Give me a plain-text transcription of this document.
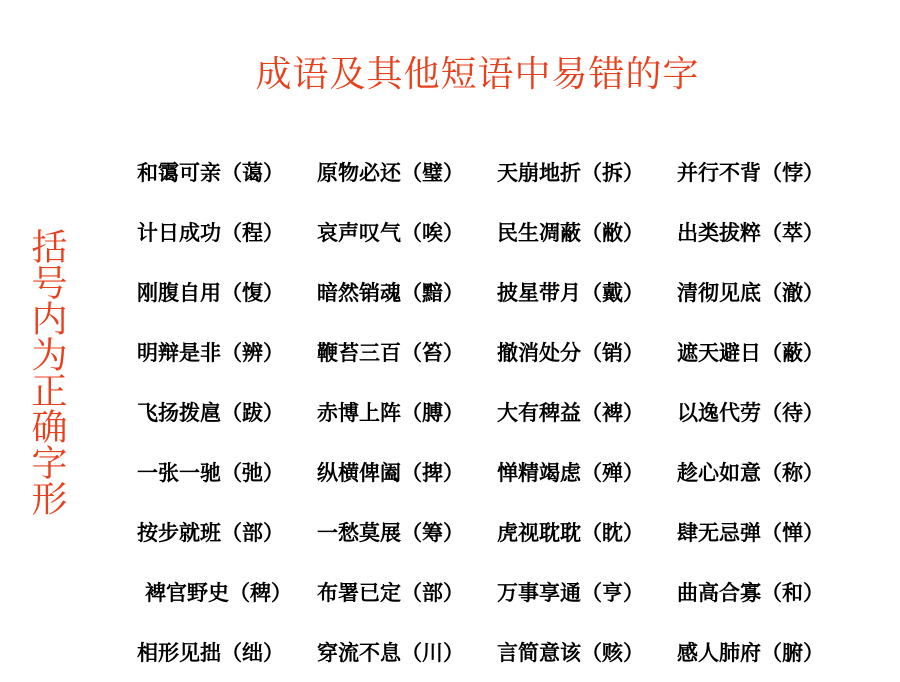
成语及其他短语中易错的字
括号内为正确字形
和霭可亲（蔼）	原物必还（璧）	天崩地折（拆）	并行不背（悖）
计日成功（程）	哀声叹气（唉）	民生凋蔽（敝）	出类拔粹（萃）
刚腹自用（愎）	暗然销魂（黯）	披星带月（戴）	清彻见底（澈）
明辩是非（辨）	鞭苔三百（笞）	撤消处分（销）	遮天避日（蔽）
飞扬拨扈（跋）	赤博上阵（膊）	大有稗益（裨）	以逸代劳（待）
一张一驰（弛）	纵横俾阖（捭）	惮精竭虑（殚）	趁心如意（称）
按步就班（部）	一愁莫展（筹）	虎视耽耽（眈）	肆无忌弹（惮）
裨官野史（稗）	布署已定（部）	万事享通（亨）	曲高合寡（和）
相形见拙（绌）	穿流不息（川）	言简意该（赅）	感人肺府（腑）
